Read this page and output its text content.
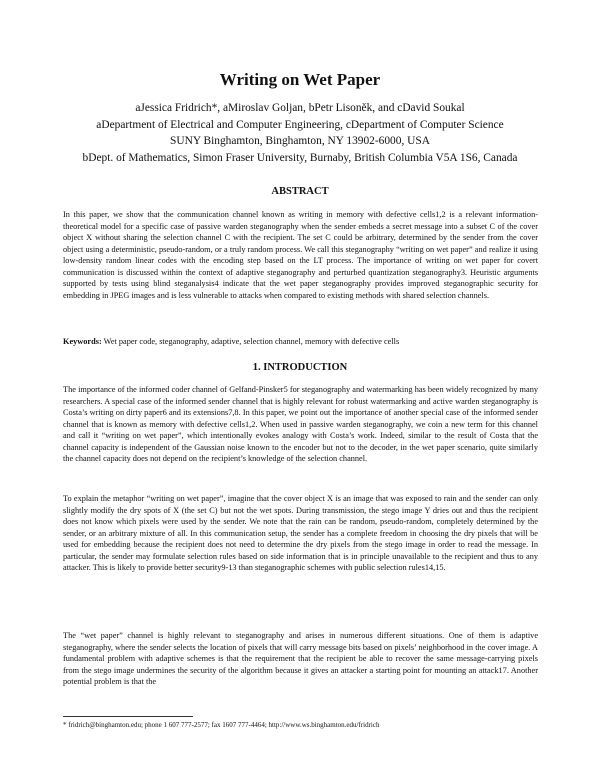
Writing on Wet Paper
aJessica Fridrich*, aMiroslav Goljan, bPetr Lisoněk, and cDavid Soukal
aDepartment of Electrical and Computer Engineering, cDepartment of Computer Science
SUNY Binghamton, Binghamton, NY 13902-6000, USA
bDept. of Mathematics, Simon Fraser University, Burnaby, British Columbia V5A 1S6, Canada
ABSTRACT
In this paper, we show that the communication channel known as writing in memory with defective cells1,2 is a relevant information-theoretical model for a specific case of passive warden steganography when the sender embeds a secret message into a subset C of the cover object X without sharing the selection channel C with the recipient. The set C could be arbitrary, determined by the sender from the cover object using a deterministic, pseudo-random, or a truly random process. We call this steganography “writing on wet paper” and realize it using low-density random linear codes with the encoding step based on the LT process. The importance of writing on wet paper for covert communication is discussed within the context of adaptive steganography and perturbed quantization steganography3. Heuristic arguments supported by tests using blind steganalysis4 indicate that the wet paper steganography provides improved steganographic security for embedding in JPEG images and is less vulnerable to attacks when compared to existing methods with shared selection channels.
Keywords: Wet paper code, steganography, adaptive, selection channel, memory with defective cells
1. INTRODUCTION
The importance of the informed coder channel of Gelfand-Pinsker5 for steganography and watermarking has been widely recognized by many researchers. A special case of the informed sender channel that is highly relevant for robust watermarking and active warden steganography is Costa’s writing on dirty paper6 and its extensions7,8. In this paper, we point out the importance of another special case of the informed sender channel that is known as memory with defective cells1,2. When used in passive warden steganography, we coin a new term for this channel and call it “writing on wet paper”, which intentionally evokes analogy with Costa’s work. Indeed, similar to the result of Costa that the channel capacity is independent of the Gaussian noise known to the encoder but not to the decoder, in the wet paper scenario, quite similarly the channel capacity does not depend on the recipient’s knowledge of the selection channel.
To explain the metaphor “writing on wet paper”, imagine that the cover object X is an image that was exposed to rain and the sender can only slightly modify the dry spots of X (the set C) but not the wet spots. During transmission, the stego image Y dries out and thus the recipient does not know which pixels were used by the sender. We note that the rain can be random, pseudo-random, completely determined by the sender, or an arbitrary mixture of all. In this communication setup, the sender has a complete freedom in choosing the dry pixels that will be used for embedding because the recipient does not need to determine the dry pixels from the stego image in order to read the message. In particular, the sender may formulate selection rules based on side information that is in principle unavailable to the recipient and thus to any attacker. This is likely to provide better security9-13 than steganographic schemes with public selection rules14,15.
The “wet paper” channel is highly relevant to steganography and arises in numerous different situations. One of them is adaptive steganography, where the sender selects the location of pixels that will carry message bits based on pixels’ neighborhood in the cover image. A fundamental problem with adaptive schemes is that the requirement that the recipient be able to recover the same message-carrying pixels from the stego image undermines the security of the algorithm because it gives an attacker a starting point for mounting an attack17. Another potential problem is that the
* fridrich@binghamton.edu; phone 1 607 777-2577; fax 1607 777-4464; http://www.ws.binghamton.edu/fridrich
